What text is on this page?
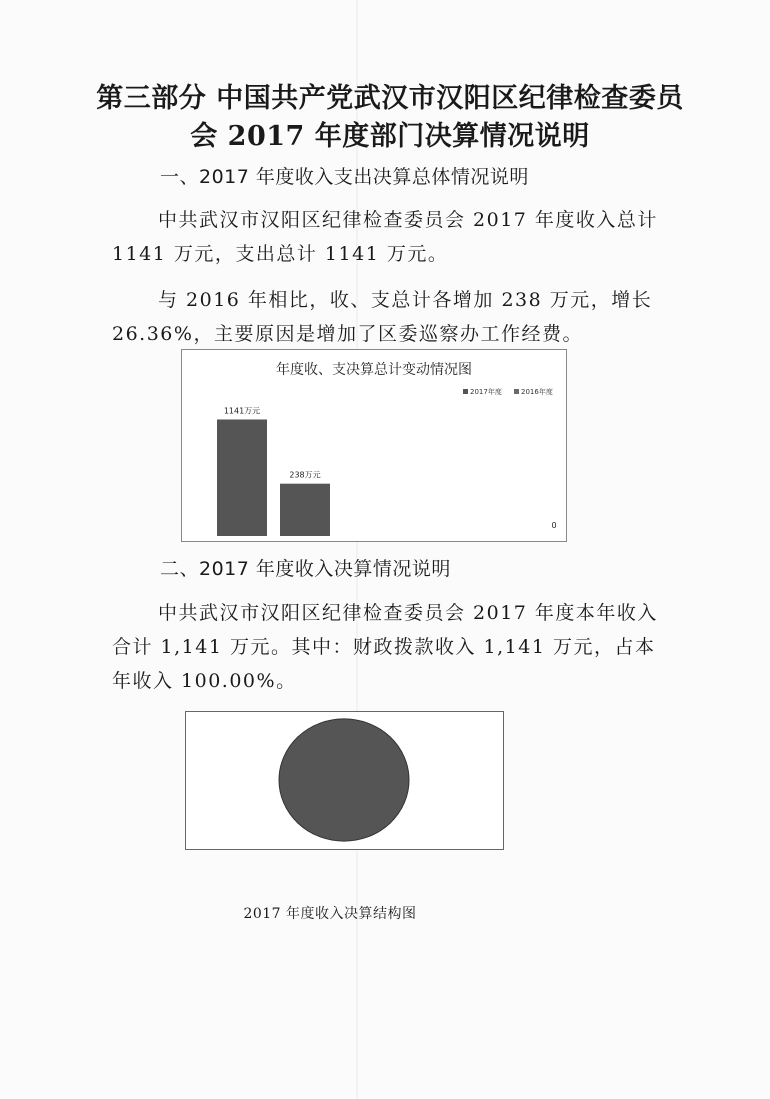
第三部分 中国共产党武汉市汉阳区纪律检查委员
会 2017 年度部门决算情况说明
一、2017 年度收入支出决算总体情况说明
中共武汉市汉阳区纪律检查委员会 2017 年度收入总计 1141 万元，支出总计 1141 万元。
与 2016 年相比，收、支总计各增加 238 万元，增长 26.36%，主要原因是增加了区委巡察办工作经费。
年度收、支决算总计变动情况图
2017年度	2016年度
1141万元
238万元
0
二、2017 年度收入决算情况说明
中共武汉市汉阳区纪律检查委员会 2017 年度本年收入合计 1,141 万元。其中：财政拨款收入 1,141 万元，占本年收入 100.00%。
2017 年度收入决算结构图
